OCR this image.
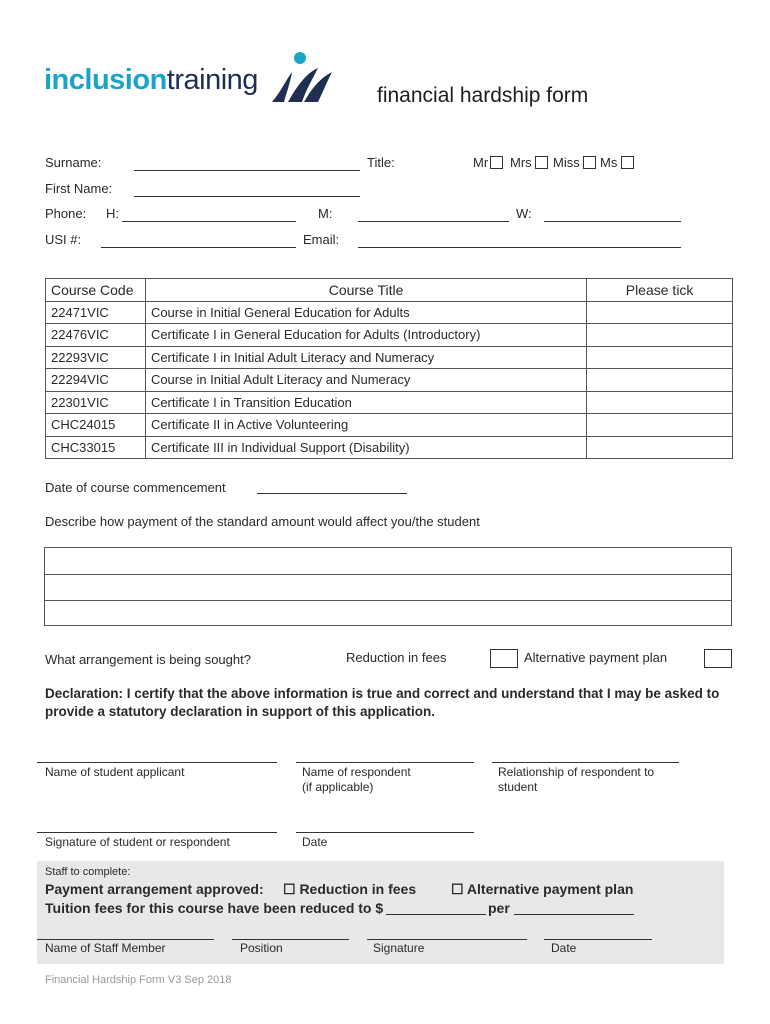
inclusiontraining	financial hardship form
Surname:	Title:	Mr Mrs Miss Ms
First Name:
Phone: H:	M:	W:
USI #:	Email:
Course Code	Course Title	Please tick
22471VIC	Course in Initial General Education for Adults	
22476VIC	Certificate I in General Education for Adults (Introductory)	
22293VIC	Certificate I in Initial Adult Literacy and Numeracy	
22294VIC	Course in Initial Adult Literacy and Numeracy	
22301VIC	Certificate I in Transition Education	
CHC24015	Certificate II in Active Volunteering	
CHC33015	Certificate III in Individual Support (Disability)	
Date of course commencement
Describe how payment of the standard amount would affect you/the student
What arrangement is being sought?	Reduction in fees	Alternative payment plan
Declaration: I certify that the above information is true and correct and understand that I may be asked to provide a statutory declaration in support of this application.
Name of student applicant	Name of respondent
(if applicable)
Relationship of respondent to
student
Signature of student or respondent	Date
Staff to complete:
Payment arrangement approved: ☐ Reduction in fees ☐ Alternative payment plan
Tuition fees for this course have been reduced to $	per
Name of Staff Member	Position	Signature	Date
Financial Hardship Form V3 Sep 2018
